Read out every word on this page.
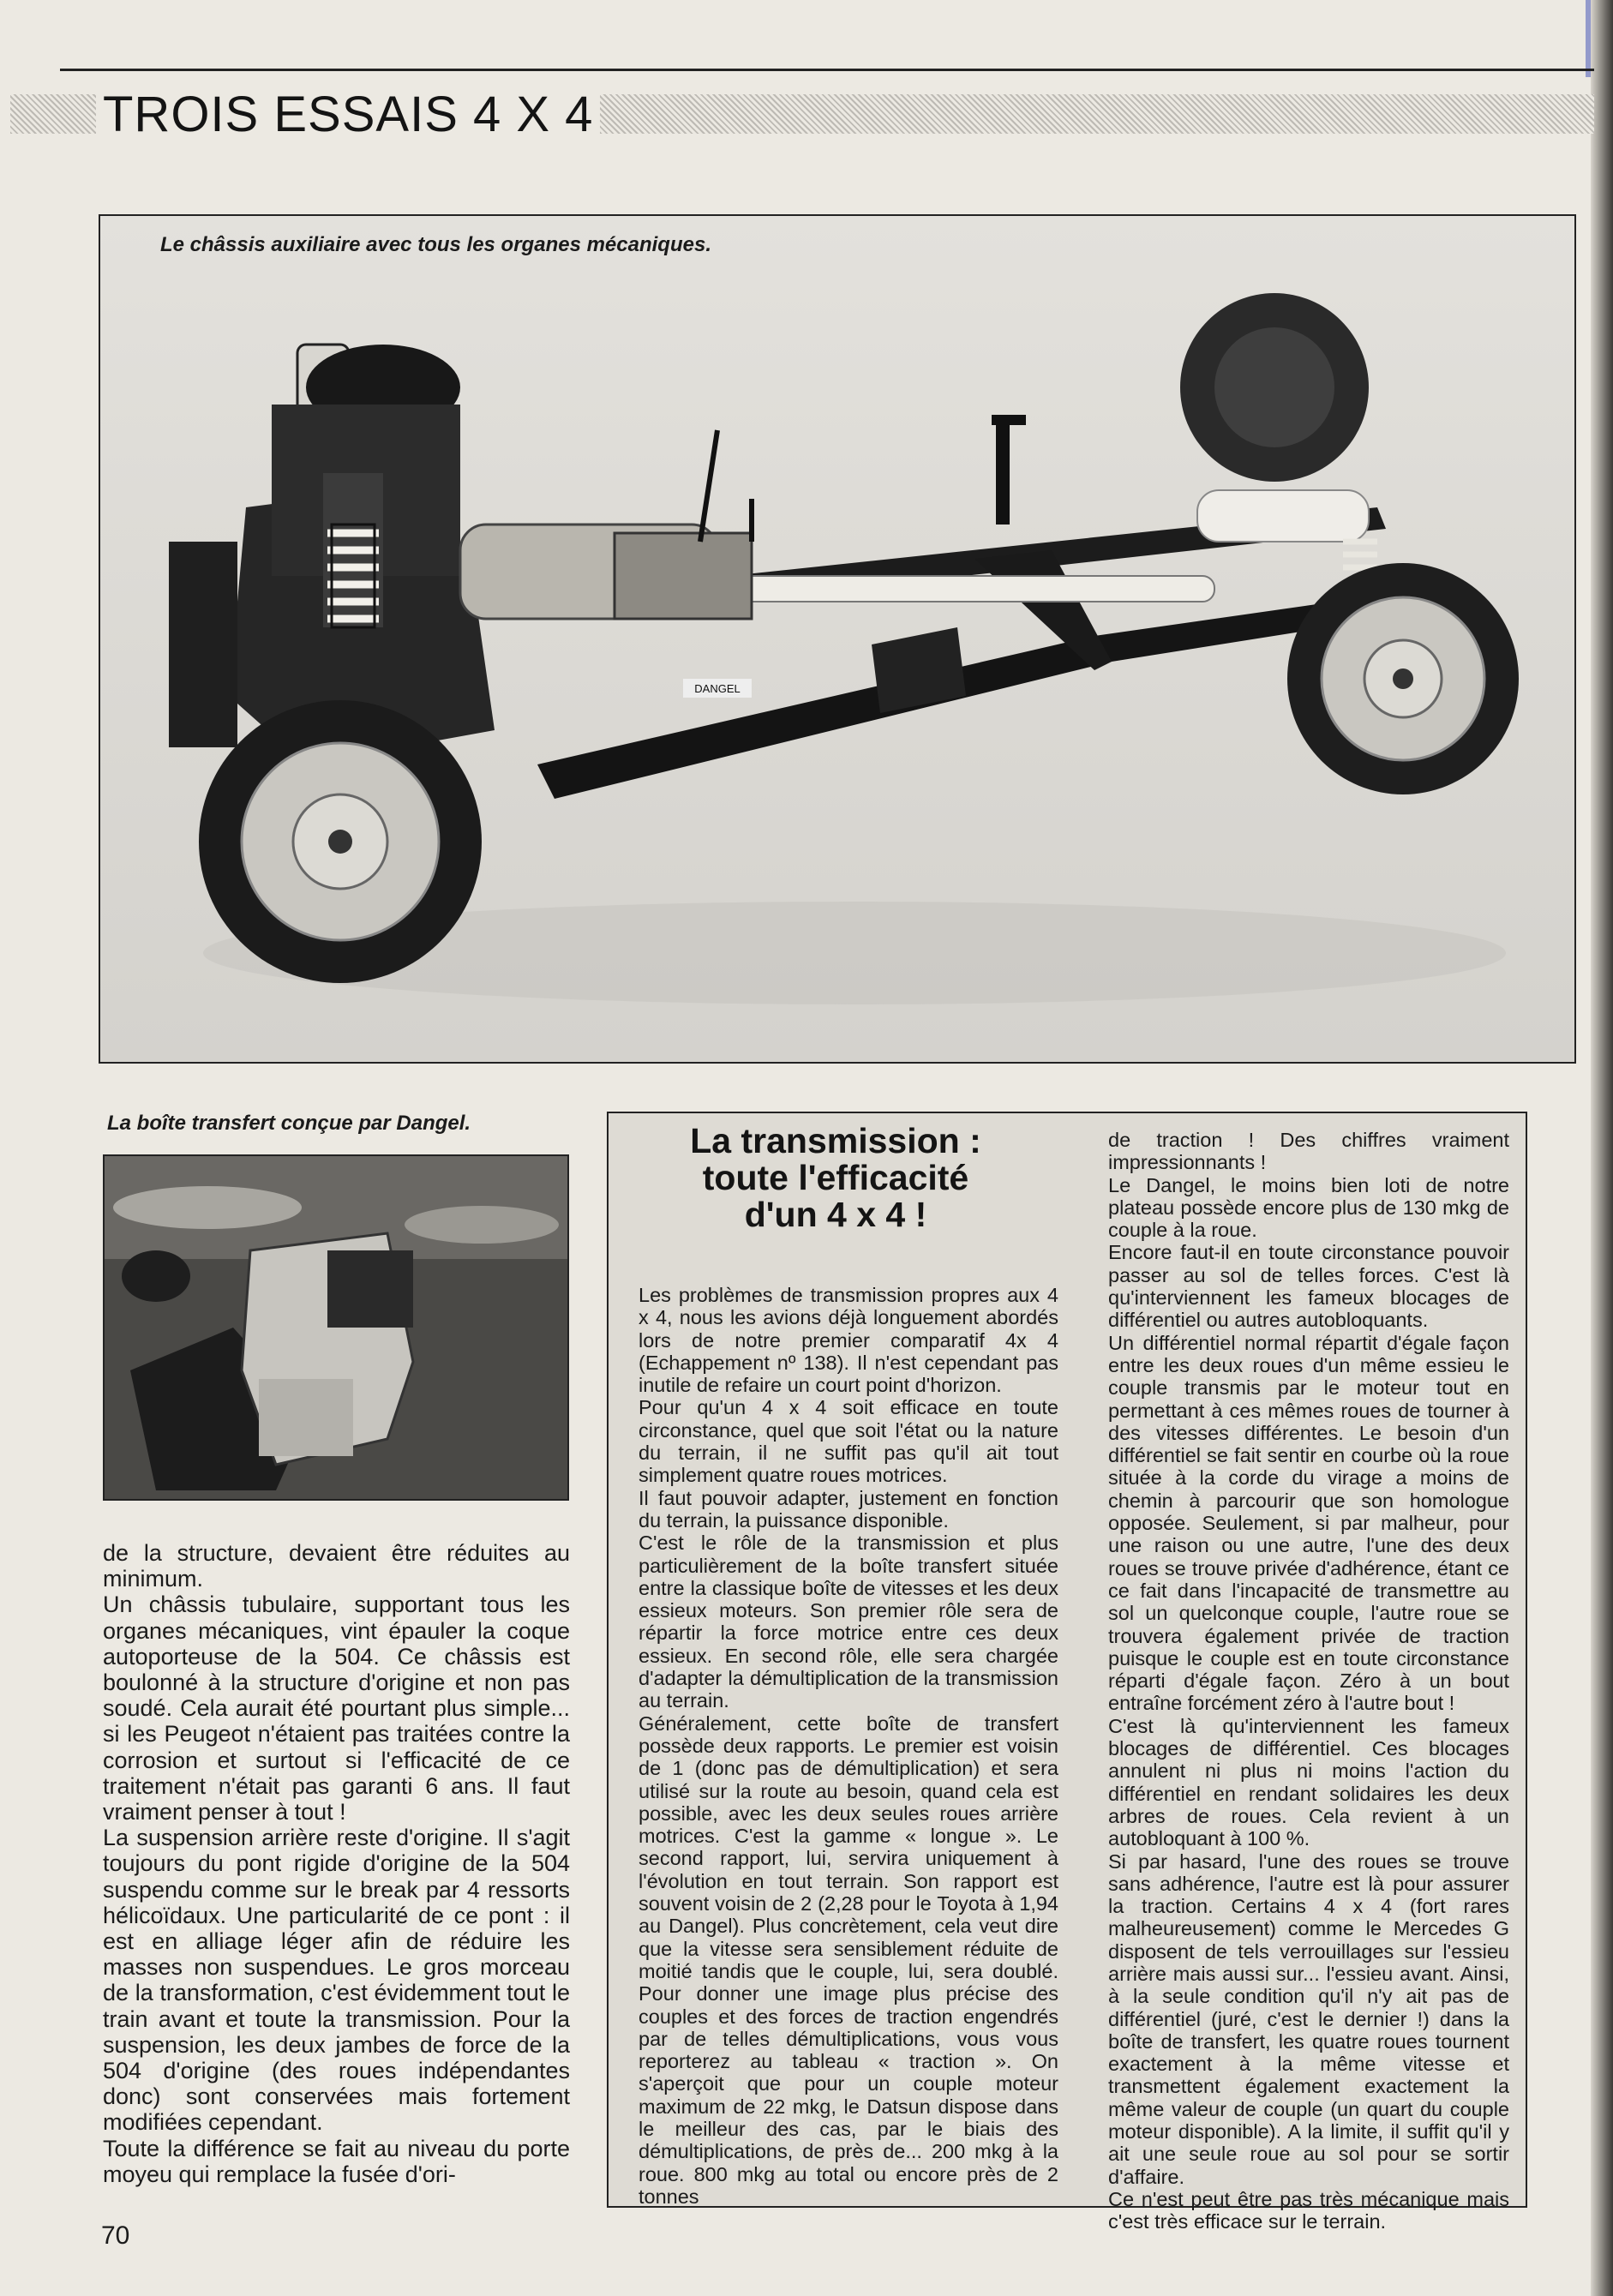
TROIS ESSAIS 4 X 4
DANGEL
Le châssis auxiliaire avec tous les organes mécaniques.
La boîte transfert conçue par Dangel.

de la structure, devaient être réduites au minimum.

Un châssis tubulaire, supportant tous les organes mécaniques, vint épauler la coque autoporteuse de la 504. Ce châssis est boulonné à la structure d'origine et non pas soudé. Cela aurait été pourtant plus simple... si les Peugeot n'étaient pas traitées contre la corrosion et surtout si l'efficacité de ce traitement n'était pas garanti 6 ans. Il faut vraiment penser à tout !

La suspension arrière reste d'origine. Il s'agit toujours du pont rigide d'origine de la 504 suspendu comme sur le break par 4 ressorts hélicoïdaux. Une particularité de ce pont : il est en alliage léger afin de réduire les masses non suspendues. Le gros morceau de la transformation, c'est évidemment tout le train avant et toute la transmission. Pour la suspension, les deux jambes de force de la 504 d'origine (des roues indépendantes donc) sont conservées mais fortement modifiées cependant.

Toute la différence se fait au niveau du porte moyeu qui remplace la fusée d'ori-

La transmission :
toute l'efficacité
d'un 4 x 4 !

Les problèmes de transmission propres aux 4 x 4, nous les avions déjà longuement abordés lors de notre premier comparatif 4x 4 (Echappement nº 138). Il n'est cependant pas inutile de refaire un court point d'horizon.

Pour qu'un 4 x 4 soit efficace en toute circonstance, quel que soit l'état ou la nature du terrain, il ne suffit pas qu'il ait tout simplement quatre roues motrices.

Il faut pouvoir adapter, justement en fonction du terrain, la puissance disponible.

C'est le rôle de la transmission et plus particulièrement de la boîte transfert située entre la classique boîte de vitesses et les deux essieux moteurs. Son premier rôle sera de répartir la force motrice entre ces deux essieux. En second rôle, elle sera chargée d'adapter la démultiplication de la transmission au terrain.

Généralement, cette boîte de transfert possède deux rapports. Le premier est voisin de 1 (donc pas de démultiplication) et sera utilisé sur la route au besoin, quand cela est possible, avec les deux seules roues arrière motrices. C'est la gamme « longue ». Le second rapport, lui, servira uniquement à l'évolution en tout terrain. Son rapport est souvent voisin de 2 (2,28 pour le Toyota à 1,94 au Dangel). Plus concrètement, cela veut dire que la vitesse sera sensiblement réduite de moitié tandis que le couple, lui, sera doublé. Pour donner une image plus précise des couples et des forces de traction engendrés par de telles démultiplications, vous vous reporterez au tableau « traction ». On s'aperçoit que pour un couple moteur maximum de 22 mkg, le Datsun dispose dans le meilleur des cas, par le biais des démultiplications, de près de... 200 mkg à la roue. 800 mkg au total ou encore près de 2 tonnes

de traction ! Des chiffres vraiment impressionnants !

Le Dangel, le moins bien loti de notre plateau possède encore plus de 130 mkg de couple à la roue.

Encore faut-il en toute circonstance pouvoir passer au sol de telles forces. C'est là qu'interviennent les fameux blocages de différentiel ou autres autobloquants.

Un différentiel normal répartit d'égale façon entre les deux roues d'un même essieu le couple transmis par le moteur tout en permettant à ces mêmes roues de tourner à des vitesses différentes. Le besoin d'un différentiel se fait sentir en courbe où la roue située à la corde du virage a moins de chemin à parcourir que son homologue opposée. Seulement, si par malheur, pour une raison ou une autre, l'une des deux roues se trouve privée d'adhérence, étant ce ce fait dans l'incapacité de transmettre au sol un quelconque couple, l'autre roue se trouvera également privée de traction puisque le couple est en toute circonstance réparti d'égale façon. Zéro à un bout entraîne forcément zéro à l'autre bout !

C'est là qu'interviennent les fameux blocages de différentiel. Ces blocages annulent ni plus ni moins l'action du différentiel en rendant solidaires les deux arbres de roues. Cela revient à un autobloquant à 100 %.

Si par hasard, l'une des roues se trouve sans adhérence, l'autre est là pour assurer la traction. Certains 4 x 4 (fort rares malheureusement) comme le Mercedes G disposent de tels verrouillages sur l'essieu arrière mais aussi sur... l'essieu avant. Ainsi, à la seule condition qu'il n'y ait pas de différentiel (juré, c'est le dernier !) dans la boîte de transfert, les quatre roues tournent exactement à la même vitesse et transmettent également exactement la même valeur de couple (un quart du couple moteur disponible). A la limite, il suffit qu'il y ait une seule roue au sol pour se sortir d'affaire.

Ce n'est peut être pas très mécanique mais c'est très efficace sur le terrain.

70
